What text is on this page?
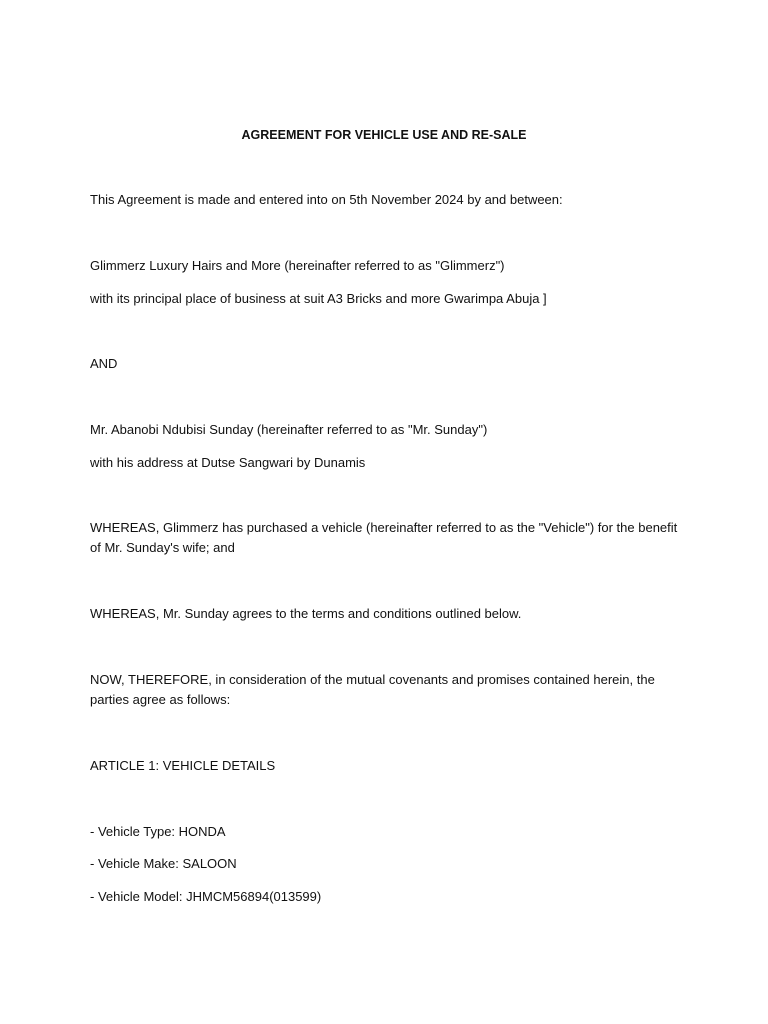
AGREEMENT FOR VEHICLE USE AND RE-SALE
This Agreement is made and entered into on 5th November 2024 by and between:
Glimmerz Luxury Hairs and More (hereinafter referred to as "Glimmerz")
with its principal place of business at suit A3 Bricks and more Gwarimpa Abuja ]
AND
Mr. Abanobi Ndubisi Sunday (hereinafter referred to as "Mr. Sunday")
with his address at Dutse Sangwari by Dunamis
WHEREAS, Glimmerz has purchased a vehicle (hereinafter referred to as the "Vehicle") for the benefit of Mr. Sunday's wife; and
WHEREAS, Mr. Sunday agrees to the terms and conditions outlined below.
NOW, THEREFORE, in consideration of the mutual covenants and promises contained herein, the parties agree as follows:
ARTICLE 1: VEHICLE DETAILS
- Vehicle Type: HONDA
- Vehicle Make: SALOON
- Vehicle Model: JHMCM56894(013599)
